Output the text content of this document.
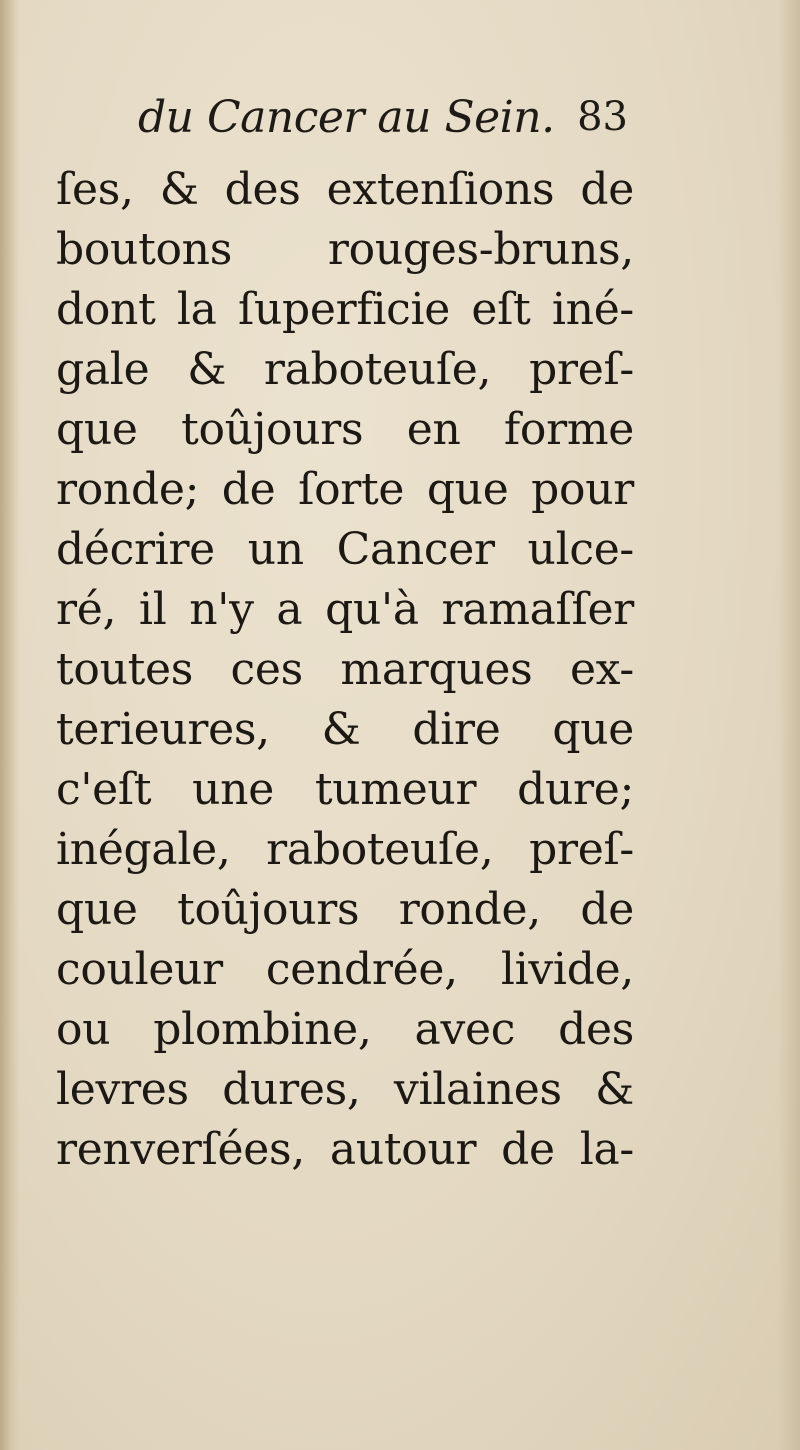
du Cancer au Sein. 83
ſes, & des extenſions de
boutons rouges-bruns,
dont la ſuperficie eſt iné-
gale & raboteuſe, preſ-
que toûjours en forme
ronde; de ſorte que pour
décrire un Cancer ulce-
ré, il n'y a qu'à ramaſſer
toutes ces marques ex-
terieures, & dire que
c'eſt une tumeur dure;
inégale, raboteuſe, preſ-
que toûjours ronde, de
couleur cendrée, livide,
ou plombine, avec des
levres dures, vilaines &
renverſées, autour de la-
